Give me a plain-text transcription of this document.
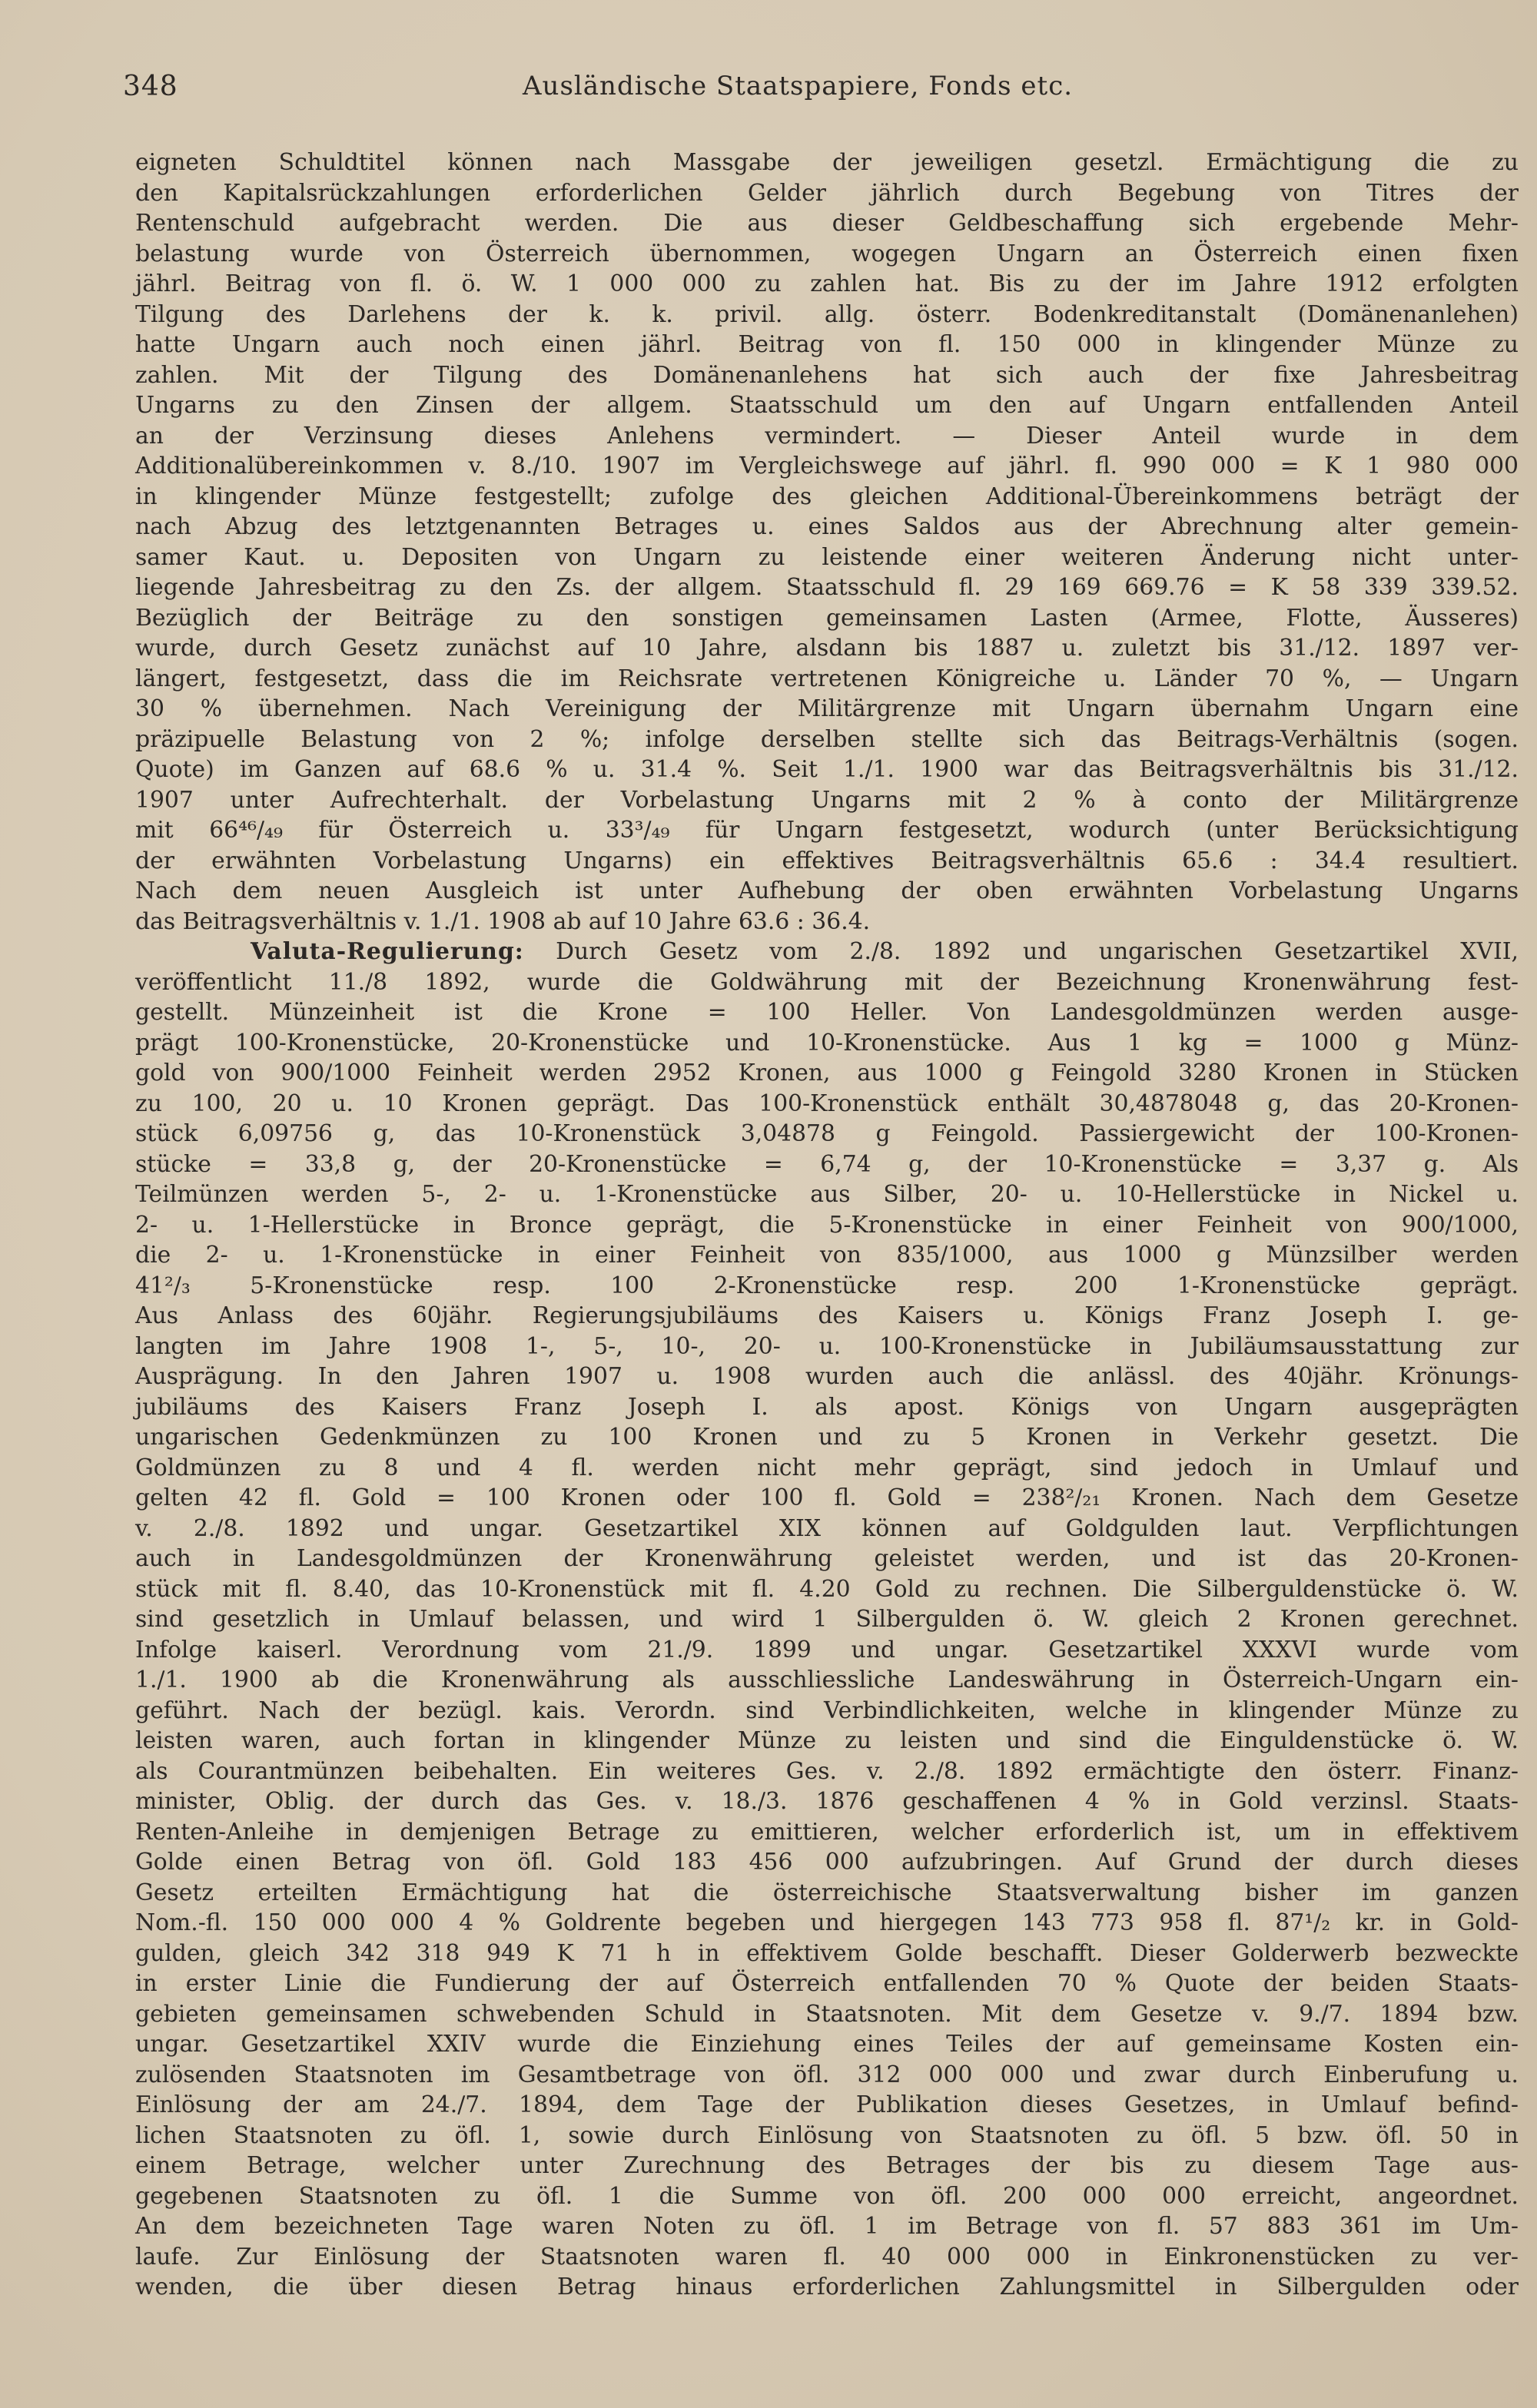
348	Ausländische Staatspapiere, Fonds etc.
eigneten Schuldtitel können nach Massgabe der jeweiligen gesetzl. Ermächtigung die zu
den Kapitalsrückzahlungen erforderlichen Gelder jährlich durch Begebung von Titres der
Rentenschuld aufgebracht werden. Die aus dieser Geldbeschaffung sich ergebende Mehr-
belastung wurde von Österreich übernommen, wogegen Ungarn an Österreich einen fixen
jährl. Beitrag von fl. ö. W. 1 000 000 zu zahlen hat. Bis zu der im Jahre 1912 erfolgten
Tilgung des Darlehens der k. k. privil. allg. österr. Bodenkreditanstalt (Domänenanlehen)
hatte Ungarn auch noch einen jährl. Beitrag von fl. 150 000 in klingender Münze zu
zahlen. Mit der Tilgung des Domänenanlehens hat sich auch der fixe Jahresbeitrag
Ungarns zu den Zinsen der allgem. Staatsschuld um den auf Ungarn entfallenden Anteil
an der Verzinsung dieses Anlehens vermindert. — Dieser Anteil wurde in dem
Additionalübereinkommen v. 8./10. 1907 im Vergleichswege auf jährl. fl. 990 000 = K 1 980 000
in klingender Münze festgestellt; zufolge des gleichen Additional-Übereinkommens beträgt der
nach Abzug des letztgenannten Betrages u. eines Saldos aus der Abrechnung alter gemein-
samer Kaut. u. Depositen von Ungarn zu leistende einer weiteren Änderung nicht unter-
liegende Jahresbeitrag zu den Zs. der allgem. Staatsschuld fl. 29 169 669.76 = K 58 339 339.52.
Bezüglich der Beiträge zu den sonstigen gemeinsamen Lasten (Armee, Flotte, Äusseres)
wurde, durch Gesetz zunächst auf 10 Jahre, alsdann bis 1887 u. zuletzt bis 31./12. 1897 ver-
längert, festgesetzt, dass die im Reichsrate vertretenen Königreiche u. Länder 70 %, — Ungarn
30 % übernehmen. Nach Vereinigung der Militärgrenze mit Ungarn übernahm Ungarn eine
präzipuelle Belastung von 2 %; infolge derselben stellte sich das Beitrags-Verhältnis (sogen.
Quote) im Ganzen auf 68.6 % u. 31.4 %. Seit 1./1. 1900 war das Beitragsverhältnis bis 31./12.
1907 unter Aufrechterhalt. der Vorbelastung Ungarns mit 2 % à conto der Militärgrenze
mit 66⁴⁶/₄₉ für Österreich u. 33³/₄₉ für Ungarn festgesetzt, wodurch (unter Berücksichtigung
der erwähnten Vorbelastung Ungarns) ein effektives Beitragsverhältnis 65.6 : 34.4 resultiert.
Nach dem neuen Ausgleich ist unter Aufhebung der oben erwähnten Vorbelastung Ungarns
das Beitragsverhältnis v. 1./1. 1908 ab auf 10 Jahre 63.6 : 36.4.
Valuta-Regulierung: Durch Gesetz vom 2./8. 1892 und ungarischen Gesetzartikel XVII,
veröffentlicht 11./8 1892, wurde die Goldwährung mit der Bezeichnung Kronenwährung fest-
gestellt. Münzeinheit ist die Krone = 100 Heller. Von Landesgoldmünzen werden ausge-
prägt 100-Kronenstücke, 20-Kronenstücke und 10-Kronenstücke. Aus 1 kg = 1000 g Münz-
gold von 900/1000 Feinheit werden 2952 Kronen, aus 1000 g Feingold 3280 Kronen in Stücken
zu 100, 20 u. 10 Kronen geprägt. Das 100-Kronenstück enthält 30,4878048 g, das 20-Kronen-
stück 6,09756 g, das 10-Kronenstück 3,04878 g Feingold. Passiergewicht der 100-Kronen-
stücke = 33,8 g, der 20-Kronenstücke = 6,74 g, der 10-Kronenstücke = 3,37 g. Als
Teilmünzen werden 5-, 2- u. 1-Kronenstücke aus Silber, 20- u. 10-Hellerstücke in Nickel u.
2- u. 1-Hellerstücke in Bronce geprägt, die 5-Kronenstücke in einer Feinheit von 900/1000,
die 2- u. 1-Kronenstücke in einer Feinheit von 835/1000, aus 1000 g Münzsilber werden
41²/₃ 5-Kronenstücke resp. 100 2-Kronenstücke resp. 200 1-Kronenstücke geprägt.
Aus Anlass des 60jähr. Regierungsjubiläums des Kaisers u. Königs Franz Joseph I. ge-
langten im Jahre 1908 1-, 5-, 10-, 20- u. 100-Kronenstücke in Jubiläumsausstattung zur
Ausprägung. In den Jahren 1907 u. 1908 wurden auch die anlässl. des 40jähr. Krönungs-
jubiläums des Kaisers Franz Joseph I. als apost. Königs von Ungarn ausgeprägten
ungarischen Gedenkmünzen zu 100 Kronen und zu 5 Kronen in Verkehr gesetzt. Die
Goldmünzen zu 8 und 4 fl. werden nicht mehr geprägt, sind jedoch in Umlauf und
gelten 42 fl. Gold = 100 Kronen oder 100 fl. Gold = 238²/₂₁ Kronen. Nach dem Gesetze
v. 2./8. 1892 und ungar. Gesetzartikel XIX können auf Goldgulden laut. Verpflichtungen
auch in Landesgoldmünzen der Kronenwährung geleistet werden, und ist das 20-Kronen-
stück mit fl. 8.40, das 10-Kronenstück mit fl. 4.20 Gold zu rechnen. Die Silberguldenstücke ö. W.
sind gesetzlich in Umlauf belassen, und wird 1 Silbergulden ö. W. gleich 2 Kronen gerechnet.
Infolge kaiserl. Verordnung vom 21./9. 1899 und ungar. Gesetzartikel XXXVI wurde vom
1./1. 1900 ab die Kronenwährung als ausschliessliche Landeswährung in Österreich-Ungarn ein-
geführt. Nach der bezügl. kais. Verordn. sind Verbindlichkeiten, welche in klingender Münze zu
leisten waren, auch fortan in klingender Münze zu leisten und sind die Einguldenstücke ö. W.
als Courantmünzen beibehalten. Ein weiteres Ges. v. 2./8. 1892 ermächtigte den österr. Finanz-
minister, Oblig. der durch das Ges. v. 18./3. 1876 geschaffenen 4 % in Gold verzinsl. Staats-
Renten-Anleihe in demjenigen Betrage zu emittieren, welcher erforderlich ist, um in effektivem
Golde einen Betrag von öfl. Gold 183 456 000 aufzubringen. Auf Grund der durch dieses
Gesetz erteilten Ermächtigung hat die österreichische Staatsverwaltung bisher im ganzen
Nom.-fl. 150 000 000 4 % Goldrente begeben und hiergegen 143 773 958 fl. 87¹/₂ kr. in Gold-
gulden, gleich 342 318 949 K 71 h in effektivem Golde beschafft. Dieser Golderwerb bezweckte
in erster Linie die Fundierung der auf Österreich entfallenden 70 % Quote der beiden Staats-
gebieten gemeinsamen schwebenden Schuld in Staatsnoten. Mit dem Gesetze v. 9./7. 1894 bzw.
ungar. Gesetzartikel XXIV wurde die Einziehung eines Teiles der auf gemeinsame Kosten ein-
zulösenden Staatsnoten im Gesamtbetrage von öfl. 312 000 000 und zwar durch Einberufung u.
Einlösung der am 24./7. 1894, dem Tage der Publikation dieses Gesetzes, in Umlauf befind-
lichen Staatsnoten zu öfl. 1, sowie durch Einlösung von Staatsnoten zu öfl. 5 bzw. öfl. 50 in
einem Betrage, welcher unter Zurechnung des Betrages der bis zu diesem Tage aus-
gegebenen Staatsnoten zu öfl. 1 die Summe von öfl. 200 000 000 erreicht, angeordnet.
An dem bezeichneten Tage waren Noten zu öfl. 1 im Betrage von fl. 57 883 361 im Um-
laufe. Zur Einlösung der Staatsnoten waren fl. 40 000 000 in Einkronenstücken zu ver-
wenden, die über diesen Betrag hinaus erforderlichen Zahlungsmittel in Silbergulden oder
